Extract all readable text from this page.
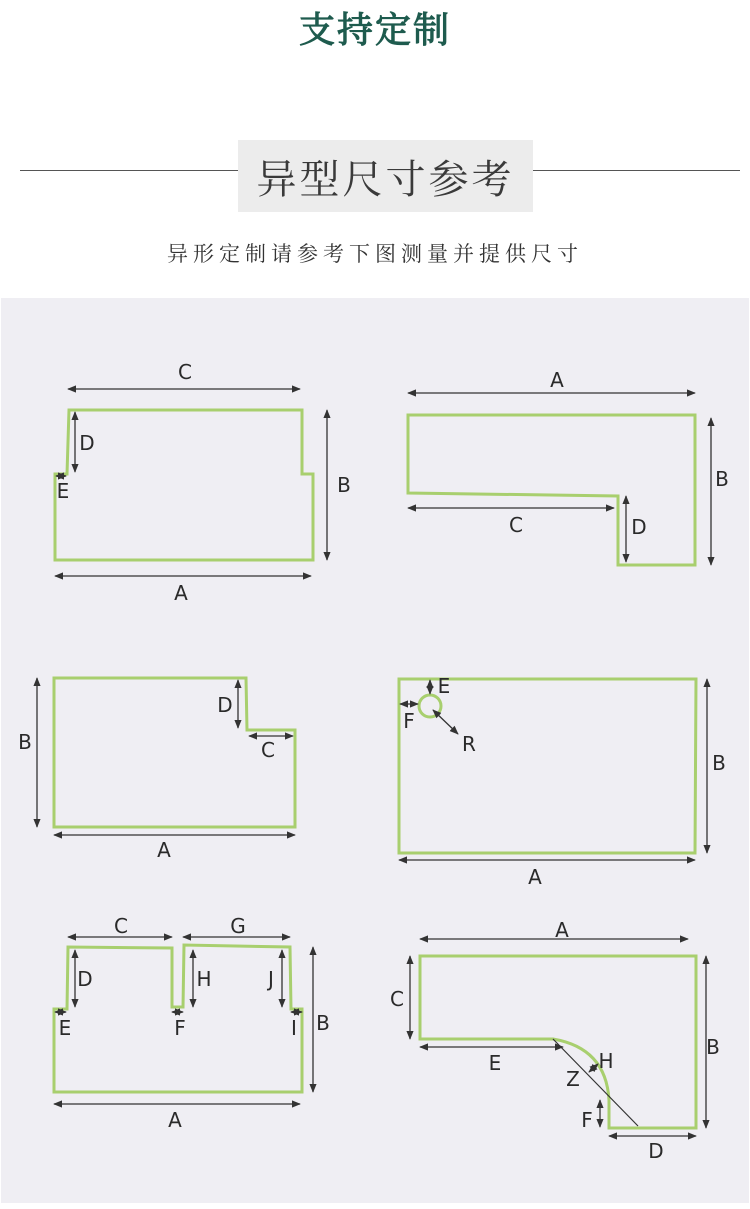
支持定制
异型尺寸参考
异形定制请参考下图测量并提供尺寸
C
D
E	B
A
A
B
C	D
B
D
C
A
E
F
R
B
A
C	G
D	H	J
E	F	I B
A
A
C
B
E	H
Z
F
D
